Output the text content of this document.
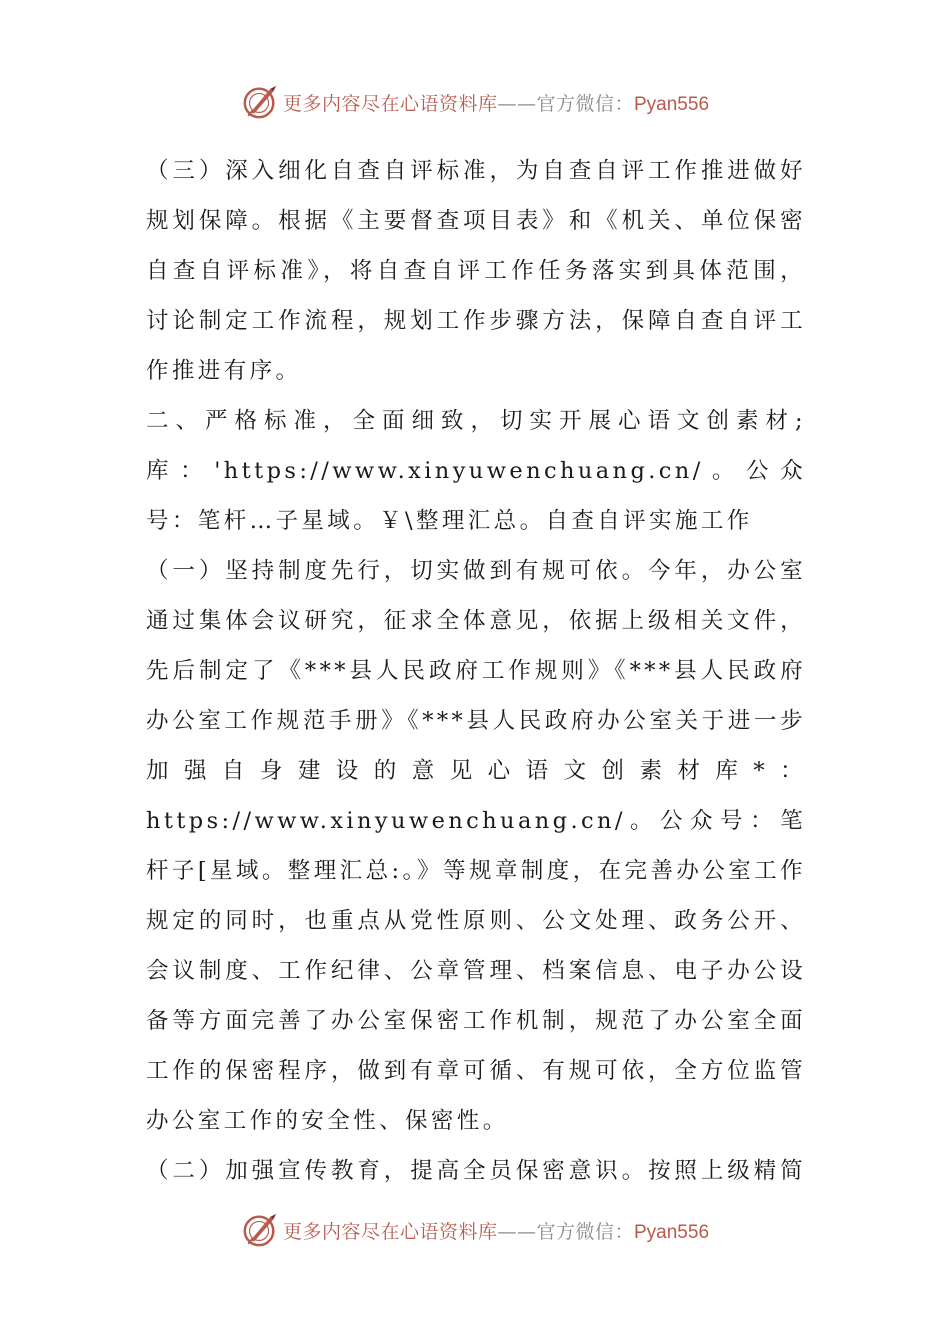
更多内容尽在心语资料库——官方微信：Pyan556

（三）深入细化自查自评标准，为自查自评工作推进做好规划保障。根据《主要督查项目表》和《机关、单位保密自查自评标准》，将自查自评工作任务落实到具体范围，讨论制定工作流程，规划工作步骤方法，保障自查自评工作推进有序。

二、严格标准，全面细致，切实开展心语文创素材;库：'https://www.xinyuwenchuang.cn/。公众号：笔杆…子星域。￥\整理汇总。自查自评实施工作

（一）坚持制度先行，切实做到有规可依。今年，办公室通过集体会议研究，征求全体意见，依据上级相关文件，先后制定了《***县人民政府工作规则》《***县人民政府办公室工作规范手册》《***县人民政府办公室关于进一步加强自身建设的意见心语文创素材库*：https://www.xinyuwenchuang.cn/。公众号：笔杆子[星域。整理汇总:。》等规章制度，在完善办公室工作规定的同时，也重点从党性原则、公文处理、政务公开、会议制度、工作纪律、公章管理、档案信息、电子办公设备等方面完善了办公室保密工作机制，规范了办公室全面工作的保密程序，做到有章可循、有规可依，全方位监管办公室工作的安全性、保密性。

（二）加强宣传教育，提高全员保密意识。按照上级精简

更多内容尽在心语资料库——官方微信：Pyan556
